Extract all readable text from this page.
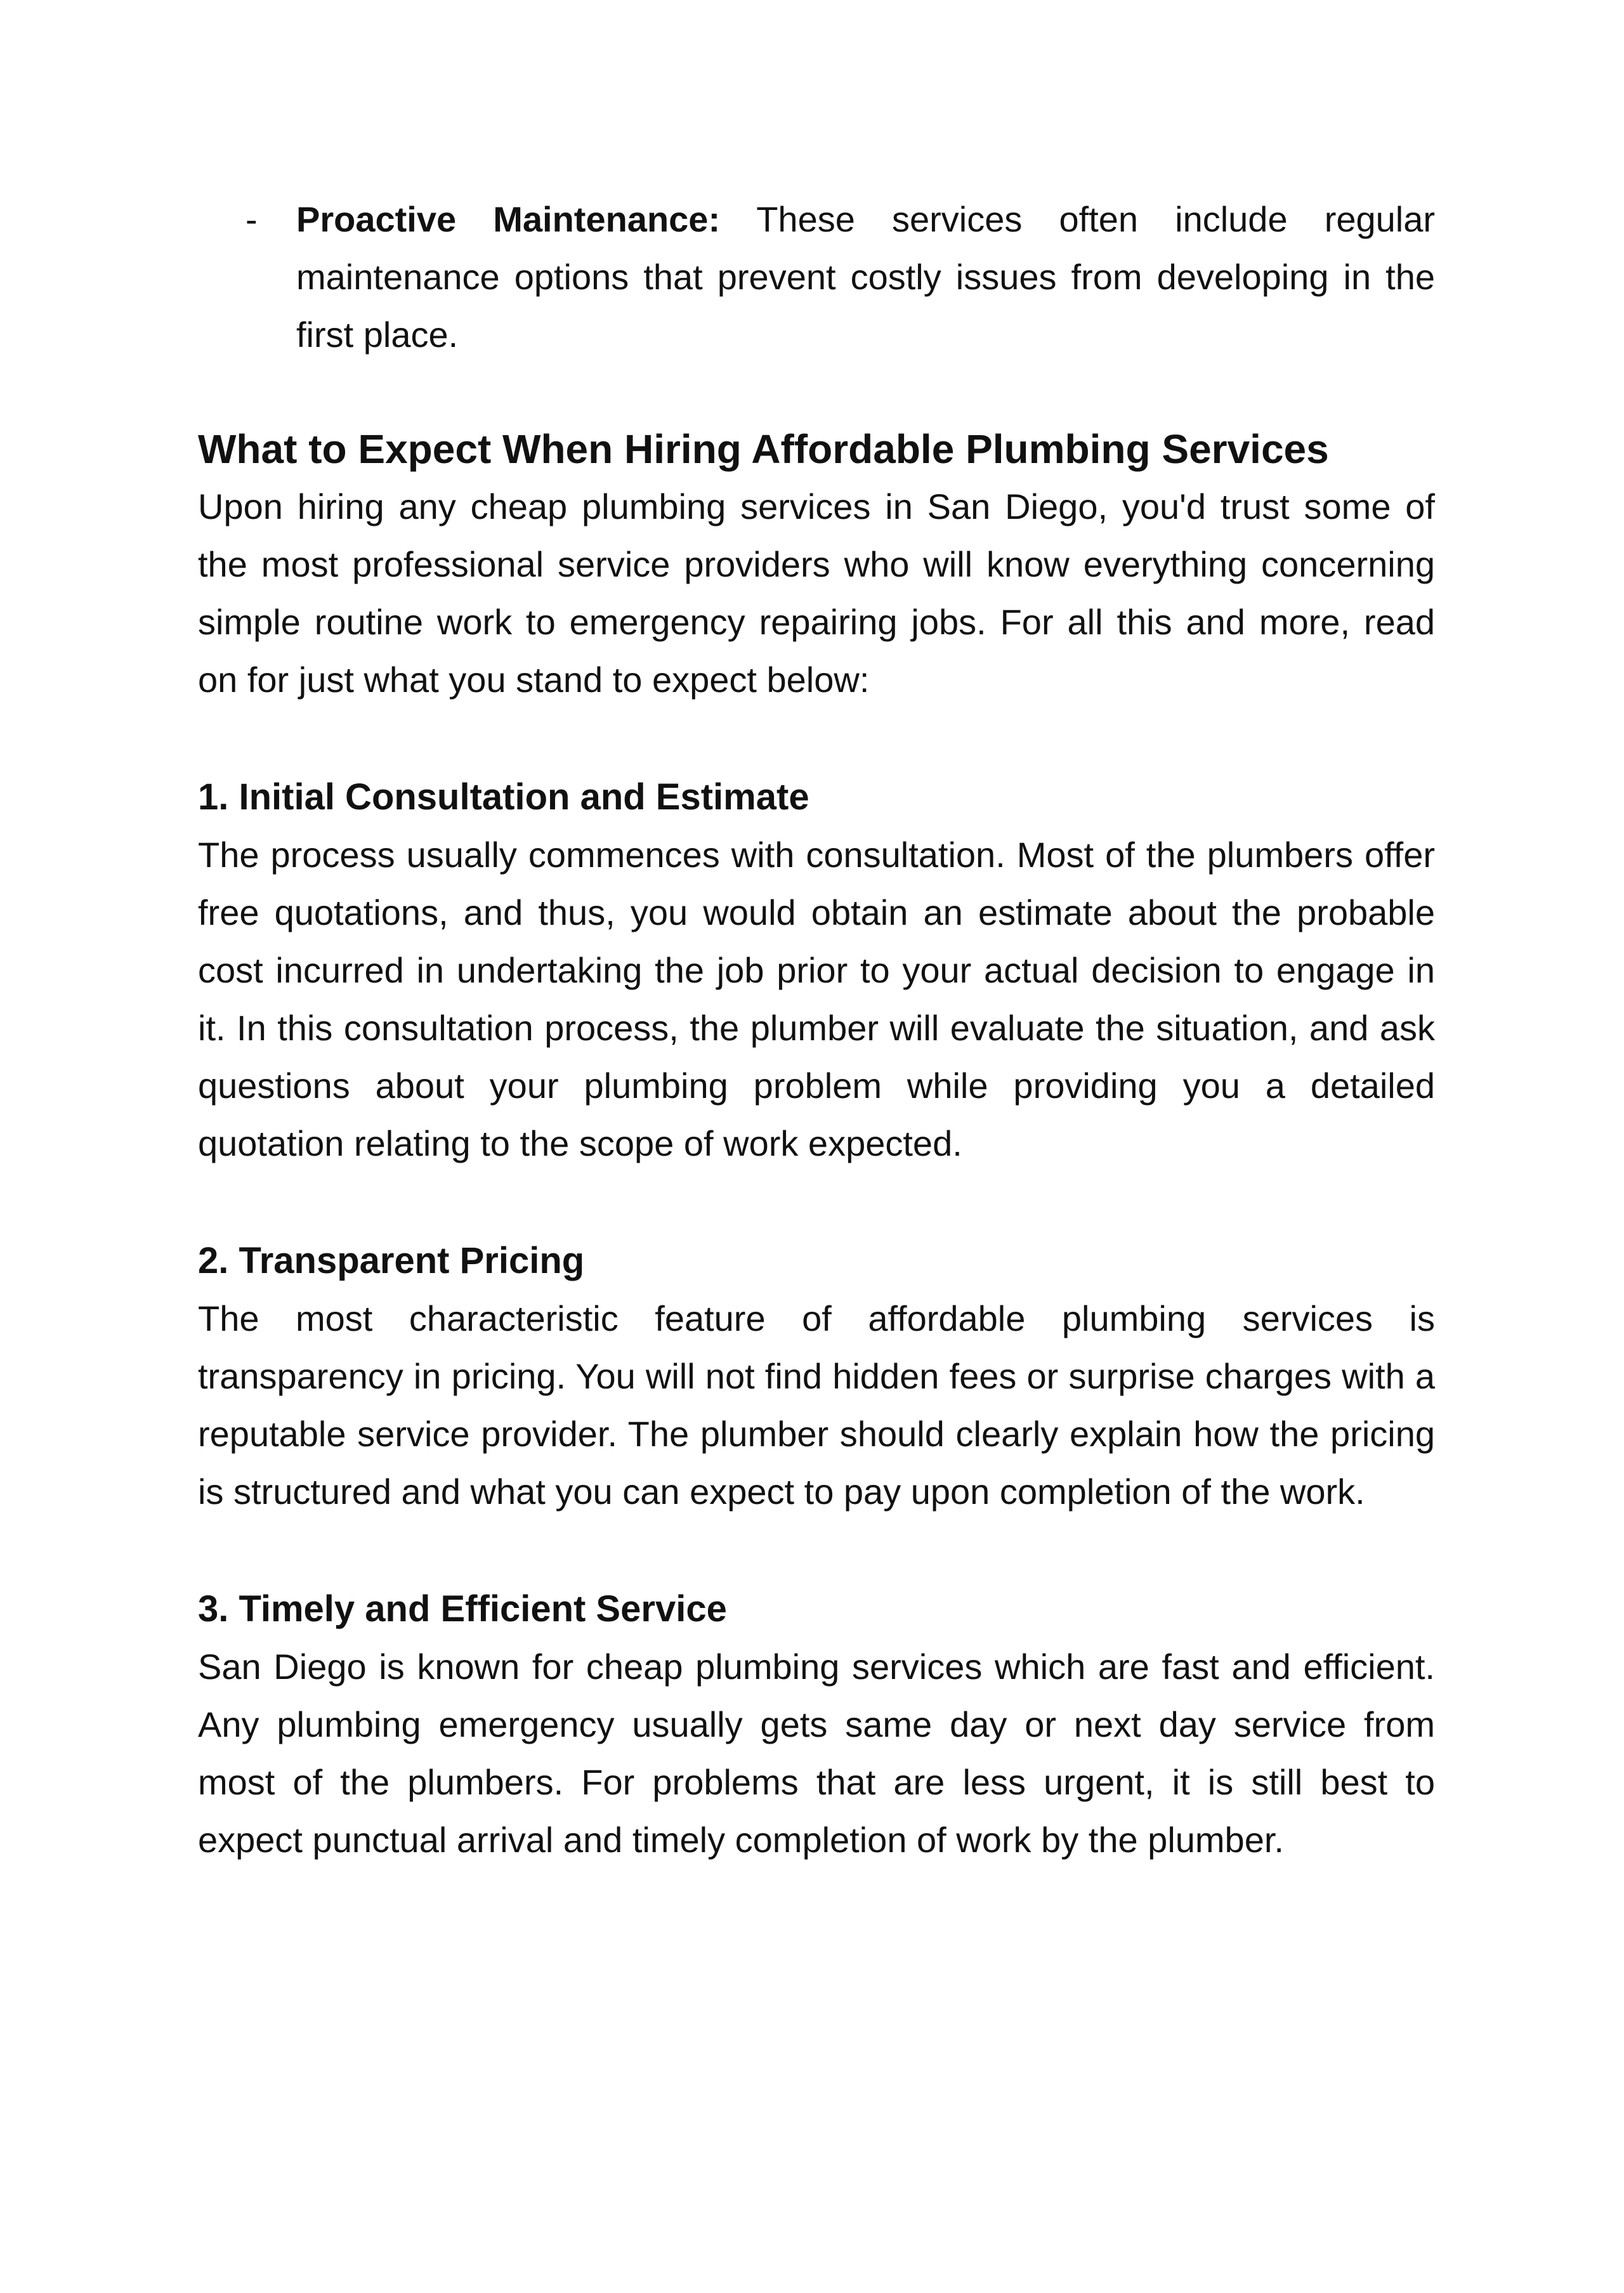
-	Proactive Maintenance: These services often include regular maintenance options that prevent costly issues from developing in the first place.
What to Expect When Hiring Affordable Plumbing Services

Upon hiring any cheap plumbing services in San Diego, you'd trust some of the most professional service providers who will know everything concerning simple routine work to emergency repairing jobs. For all this and more, read on for just what you stand to expect below:

1. Initial Consultation and Estimate

The process usually commences with consultation. Most of the plumbers offer free quotations, and thus, you would obtain an estimate about the probable cost incurred in undertaking the job prior to your actual decision to engage in it. In this consultation process, the plumber will evaluate the situation, and ask questions about your plumbing problem while providing you a detailed quotation relating to the scope of work expected.

2. Transparent Pricing

The most characteristic feature of affordable plumbing services is transparency in pricing. You will not find hidden fees or surprise charges with a reputable service provider. The plumber should clearly explain how the pricing is structured and what you can expect to pay upon completion of the work.

3. Timely and Efficient Service

San Diego is known for cheap plumbing services which are fast and efficient. Any plumbing emergency usually gets same day or next day service from most of the plumbers. For problems that are less urgent, it is still best to expect punctual arrival and timely completion of work by the plumber.
